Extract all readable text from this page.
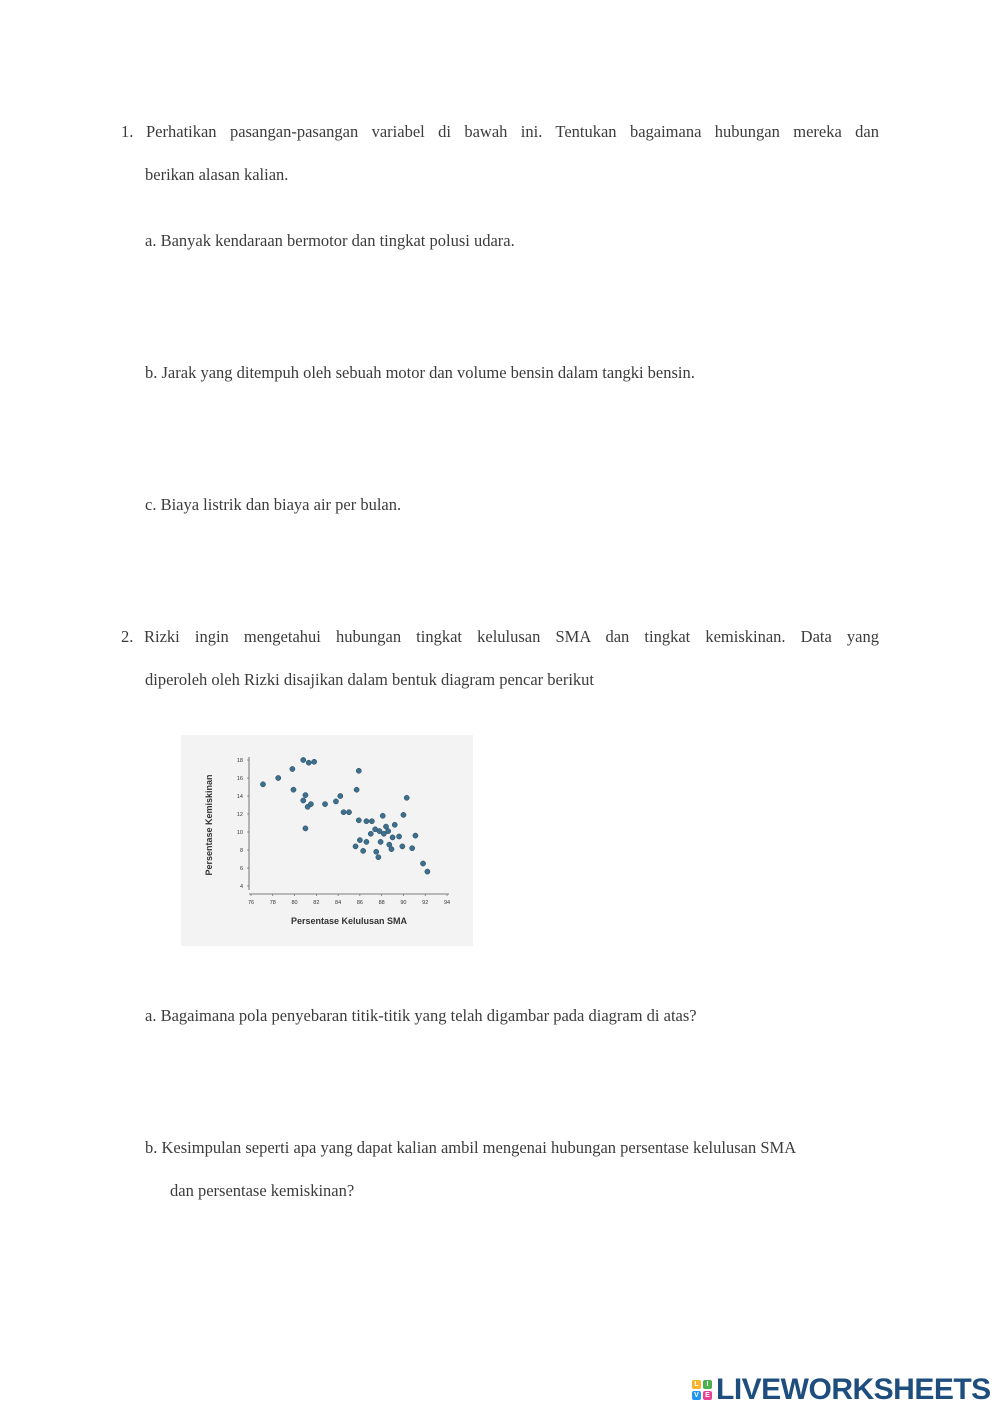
1. Perhatikan pasangan-pasangan variabel di bawah ini. Tentukan bagaimana hubungan mereka dan
berikan alasan kalian.
a. Banyak kendaraan bermotor dan tingkat polusi udara.
b. Jarak yang ditempuh oleh sebuah motor dan volume bensin dalam tangki bensin.
c. Biaya listrik dan biaya air per bulan.
2. Rizki ingin mengetahui hubungan tingkat kelulusan SMA dan tingkat kemiskinan. Data yang
diperoleh oleh Rizki disajikan dalam bentuk diagram pencar berikut
4
6
8
10
12
14
16
18
76	78	80	82	84	86	88	90	92	94
Persentase Kelulusan SMA
Persentase Kemiskinan
a. Bagaimana pola penyebaran titik-titik yang telah digambar pada diagram di atas?
b. Kesimpulan seperti apa yang dapat kalian ambil mengenai hubungan persentase kelulusan SMA
dan persentase kemiskinan?
L	I
V E LIVEWORKSHEETS
